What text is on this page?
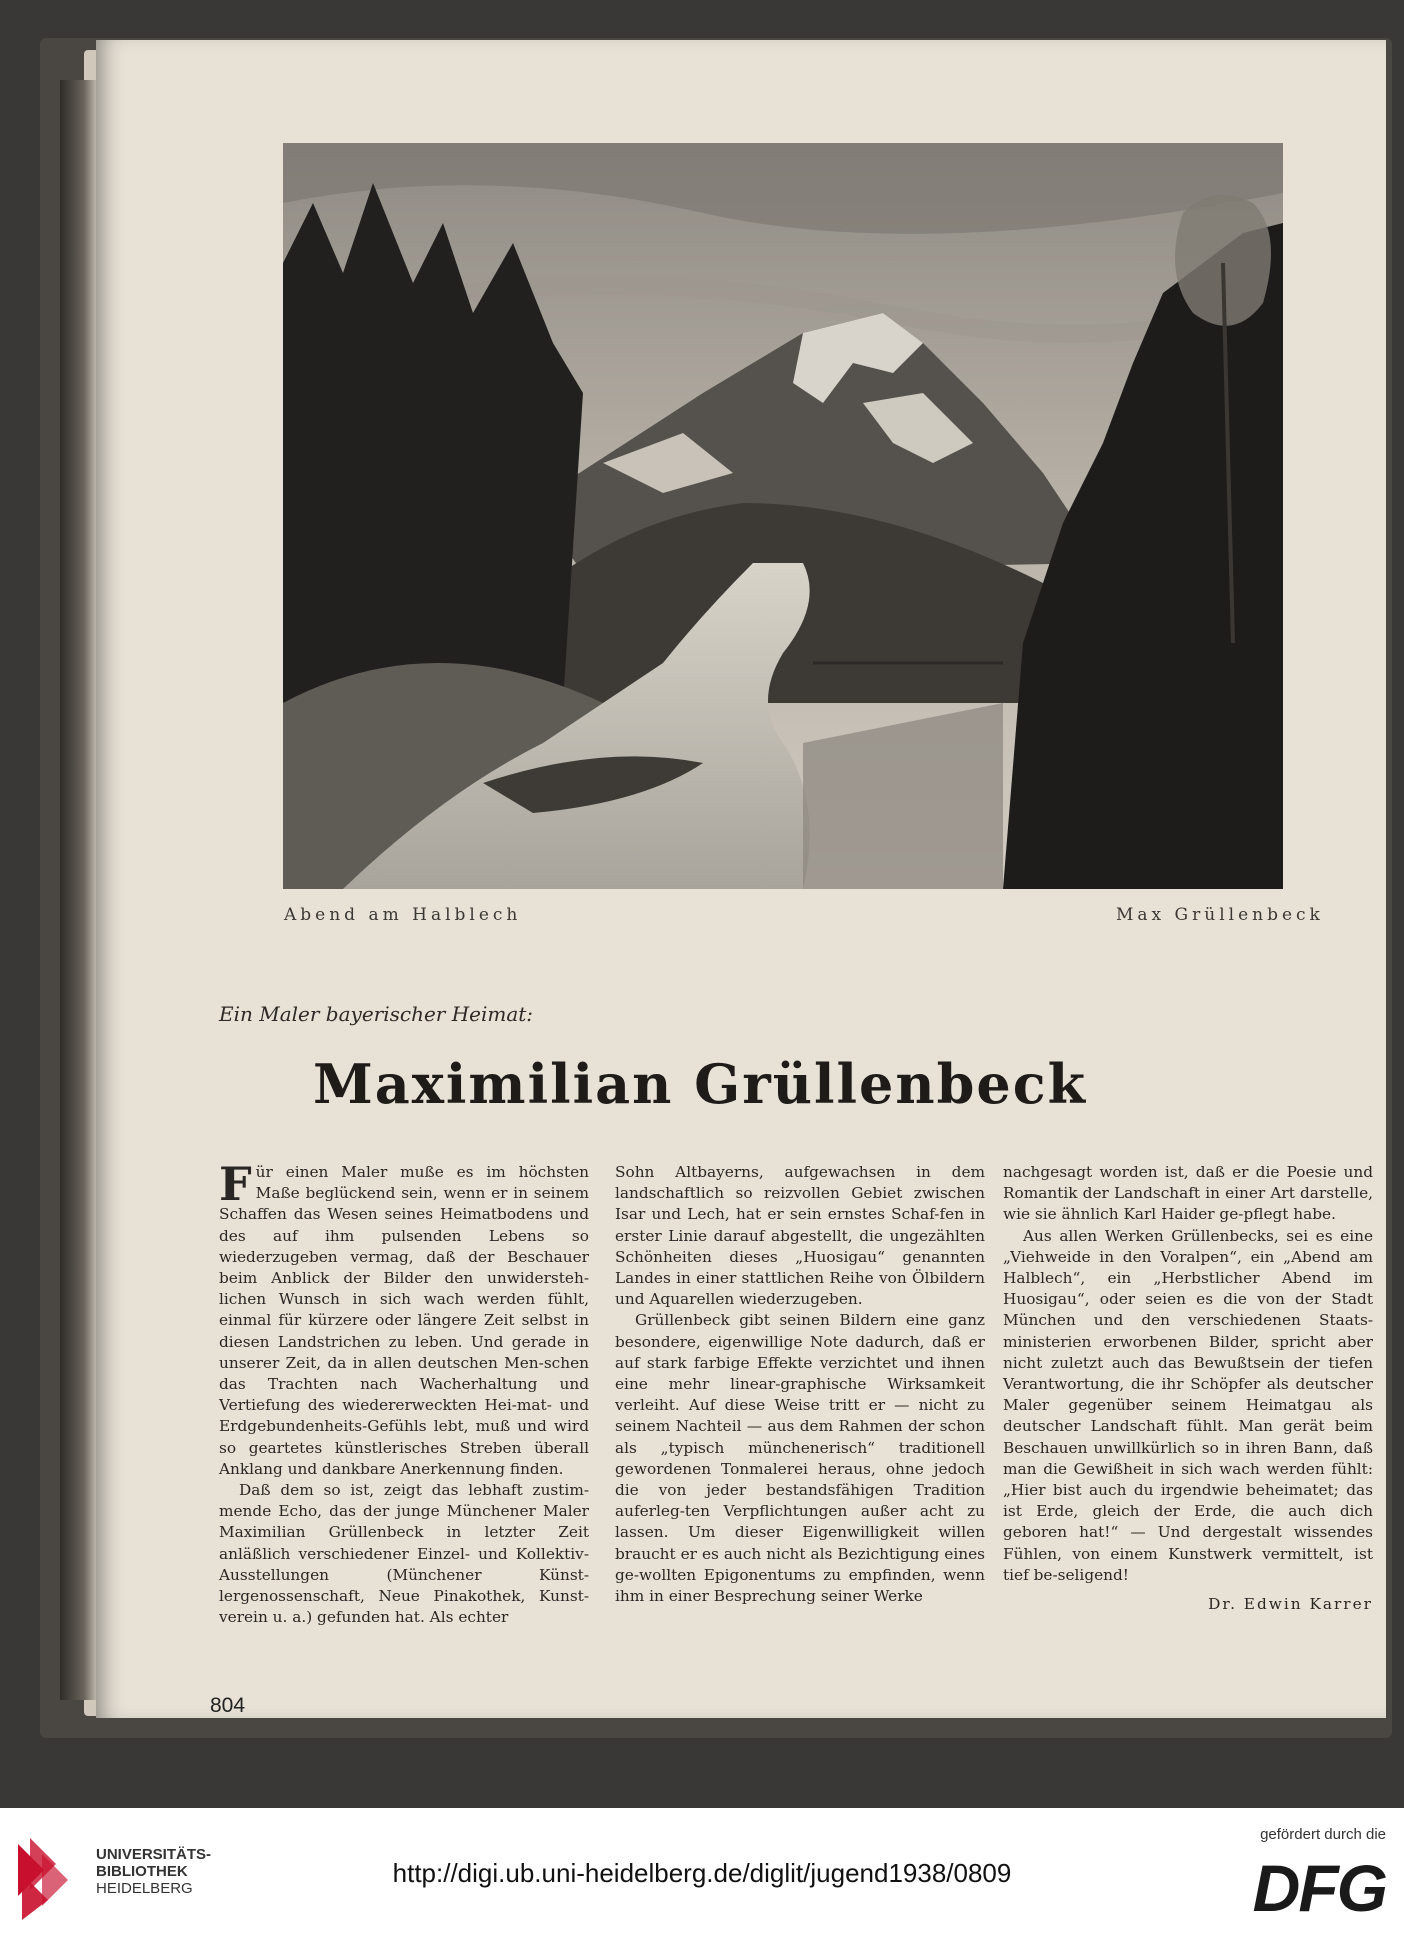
Abend am Halblech	Max Grüllenbeck
Ein Maler bayerischer Heimat:
Maximilian Grüllenbeck

Für einen Maler muße es im höchsten Maße beglückend sein, wenn er in seinem Schaffen das Wesen seines Heimatbodens und des auf ihm pulsenden Lebens so wiederzugeben vermag, daß der Beschauer beim Anblick der Bilder den unwidersteh-lichen Wunsch in sich wach werden fühlt, einmal für kürzere oder längere Zeit selbst in diesen Landstrichen zu leben. Und gerade in unserer Zeit, da in allen deutschen Men-schen das Trachten nach Wacherhaltung und Vertiefung des wiedererweckten Hei-mat- und Erdgebundenheits-Gefühls lebt, muß und wird so geartetes künstlerisches Streben überall Anklang und dankbare Anerkennung finden.

Daß dem so ist, zeigt das lebhaft zustim-mende Echo, das der junge Münchener Maler Maximilian Grüllenbeck in letzter Zeit anläßlich verschiedener Einzel- und Kollektiv-Ausstellungen (Münchener Künst-lergenossenschaft, Neue Pinakothek, Kunst-verein u. a.) gefunden hat. Als echter

Sohn Altbayerns, aufgewachsen in dem landschaftlich so reizvollen Gebiet zwischen Isar und Lech, hat er sein ernstes Schaf-fen in erster Linie darauf abgestellt, die ungezählten Schönheiten dieses „Huosigau“ genannten Landes in einer stattlichen Reihe von Ölbildern und Aquarellen wiederzugeben.

Grüllenbeck gibt seinen Bildern eine ganz besondere, eigenwillige Note dadurch, daß er auf stark farbige Effekte verzichtet und ihnen eine mehr linear-graphische Wirksamkeit verleiht. Auf diese Weise tritt er — nicht zu seinem Nachteil — aus dem Rahmen der schon als „typisch münchenerisch“ traditionell gewordenen Tonmalerei heraus, ohne jedoch die von jeder bestandsfähigen Tradition auferleg-ten Verpflichtungen außer acht zu lassen. Um dieser Eigenwilligkeit willen braucht er es auch nicht als Bezichtigung eines ge-wollten Epigonentums zu empfinden, wenn ihm in einer Besprechung seiner Werke

nachgesagt worden ist, daß er die Poesie und Romantik der Landschaft in einer Art darstelle, wie sie ähnlich Karl Haider ge-pflegt habe.

Aus allen Werken Grüllenbecks, sei es eine „Viehweide in den Voralpen“, ein „Abend am Halblech“, ein „Herbstlicher Abend im Huosigau“, oder seien es die von der Stadt München und den verschiedenen Staats-ministerien erworbenen Bilder, spricht aber nicht zuletzt auch das Bewußtsein der tiefen Verantwortung, die ihr Schöpfer als deutscher Maler gegenüber seinem Heimatgau als deutscher Landschaft fühlt. Man gerät beim Beschauen unwillkürlich so in ihren Bann, daß man die Gewißheit in sich wach werden fühlt: „Hier bist auch du irgendwie beheimatet; das ist Erde, gleich der Erde, die auch dich geboren hat!“ — Und dergestalt wissendes Fühlen, von einem Kunstwerk vermittelt, ist tief be-seligend!

Dr. Edwin Karrer
804
UNIVERSITÄTS-
BIBLIOTHEK
HEIDELBERG
http://digi.ub.uni-heidelberg.de/diglit/jugend1938/0809
gefördert durch die
DFG
